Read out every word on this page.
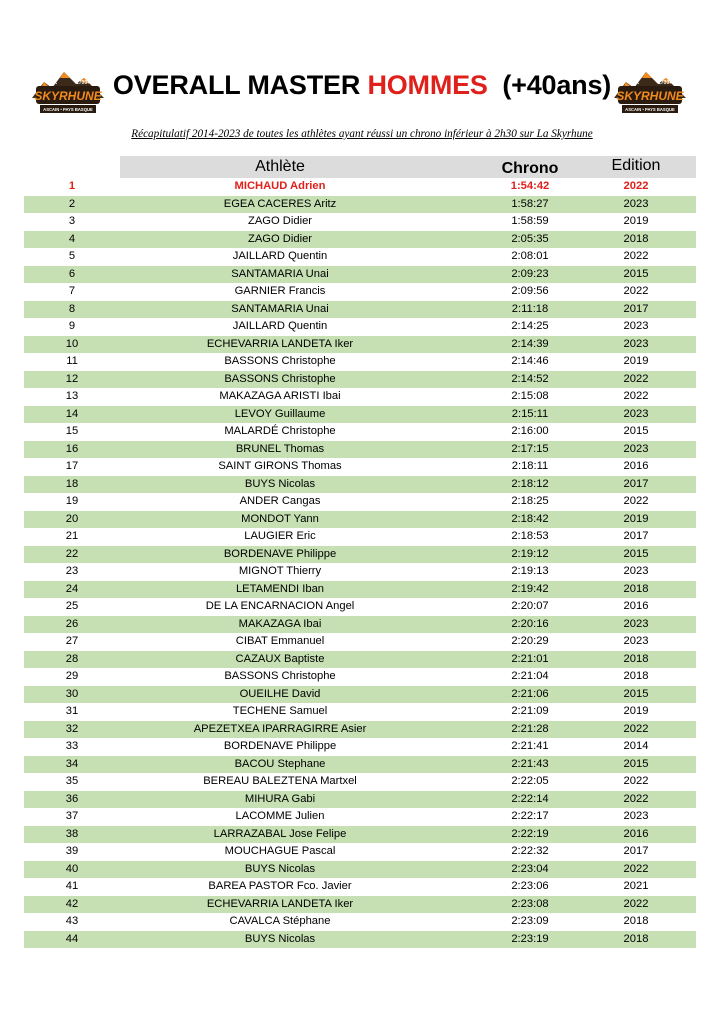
21K	1700+
SKYRHUNE
ASCAIN • PAYS BASQUE
OVERALL MASTER HOMMES  (+40ans)	21K	1700+
SKYRHUNE
ASCAIN • PAYS BASQUE
Récapitulatif 2014-2023 de toutes les athlètes ayant réussi un chrono inférieur à 2h30 sur La Skyrhune
Athlète	Chrono	Edition
1	MICHAUD Adrien	1:54:42	2022
2	EGEA CACERES Aritz	1:58:27	2023
3	ZAGO Didier	1:58:59	2019
4	ZAGO Didier	2:05:35	2018
5	JAILLARD Quentin	2:08:01	2022
6	SANTAMARIA Unai	2:09:23	2015
7	GARNIER Francis	2:09:56	2022
8	SANTAMARIA Unai	2:11:18	2017
9	JAILLARD Quentin	2:14:25	2023
10	ECHEVARRIA LANDETA Iker	2:14:39	2023
11	BASSONS Christophe	2:14:46	2019
12	BASSONS Christophe	2:14:52	2022
13	MAKAZAGA ARISTI Ibai	2:15:08	2022
14	LEVOY Guillaume	2:15:11	2023
15	MALARDÉ Christophe	2:16:00	2015
16	BRUNEL Thomas	2:17:15	2023
17	SAINT GIRONS Thomas	2:18:11	2016
18	BUYS Nicolas	2:18:12	2017
19	ANDER Cangas	2:18:25	2022
20	MONDOT Yann	2:18:42	2019
21	LAUGIER Eric	2:18:53	2017
22	BORDENAVE Philippe	2:19:12	2015
23	MIGNOT Thierry	2:19:13	2023
24	LETAMENDI Iban	2:19:42	2018
25	DE LA ENCARNACION Angel	2:20:07	2016
26	MAKAZAGA Ibai	2:20:16	2023
27	CIBAT Emmanuel	2:20:29	2023
28	CAZAUX Baptiste	2:21:01	2018
29	BASSONS Christophe	2:21:04	2018
30	OUEILHE David	2:21:06	2015
31	TECHENE Samuel	2:21:09	2019
32	APEZETXEA IPARRAGIRRE Asier	2:21:28	2022
33	BORDENAVE Philippe	2:21:41	2014
34	BACOU Stephane	2:21:43	2015
35	BEREAU BALEZTENA Martxel	2:22:05	2022
36	MIHURA Gabi	2:22:14	2022
37	LACOMME Julien	2:22:17	2023
38	LARRAZABAL Jose Felipe	2:22:19	2016
39	MOUCHAGUE Pascal	2:22:32	2017
40	BUYS Nicolas	2:23:04	2022
41	BAREA PASTOR Fco. Javier	2:23:06	2021
42	ECHEVARRIA LANDETA Iker	2:23:08	2022
43	CAVALCA Stéphane	2:23:09	2018
44	BUYS Nicolas	2:23:19	2018
